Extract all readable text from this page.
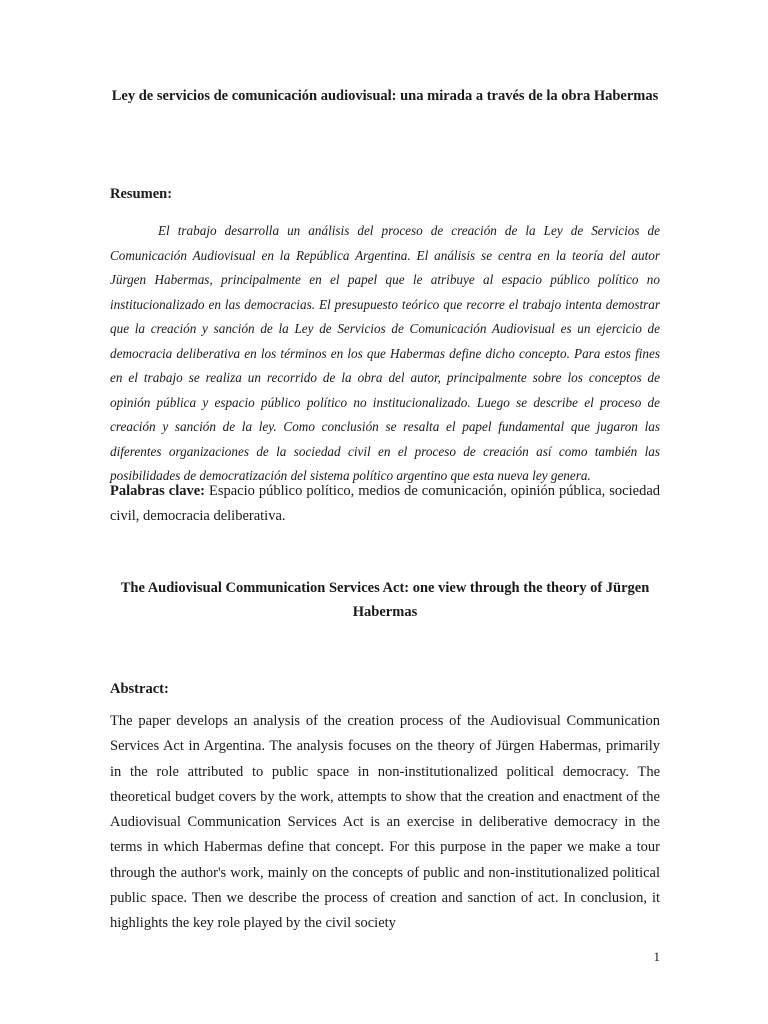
Ley de servicios de comunicación audiovisual: una mirada a través de la obra Habermas
Resumen:

El trabajo desarrolla un análisis del proceso de creación de la Ley de Servicios de Comunicación Audiovisual en la República Argentina. El análisis se centra en la teoría del autor Jürgen Habermas, principalmente en el papel que le atribuye al espacio público político no institucionalizado en las democracias. El presupuesto teórico que recorre el trabajo intenta demostrar que la creación y sanción de la Ley de Servicios de Comunicación Audiovisual es un ejercicio de democracia deliberativa en los términos en los que Habermas define dicho concepto. Para estos fines en el trabajo se realiza un recorrido de la obra del autor, principalmente sobre los conceptos de opinión pública y espacio público político no institucionalizado. Luego se describe el proceso de creación y sanción de la ley. Como conclusión se resalta el papel fundamental que jugaron las diferentes organizaciones de la sociedad civil en el proceso de creación así como también las posibilidades de democratización del sistema político argentino que esta nueva ley genera.

Palabras clave: Espacio público político, medios de comunicación, opinión pública, sociedad civil, democracia deliberativa.

The Audiovisual Communication Services Act: one view through the theory of Jürgen Habermas
Abstract:

The paper develops an analysis of the creation process of the Audiovisual Communication Services Act in Argentina. The analysis focuses on the theory of Jürgen Habermas, primarily in the role attributed to public space in non-institutionalized political democracy. The theoretical budget covers by the work, attempts to show that the creation and enactment of the Audiovisual Communication Services Act is an exercise in deliberative democracy in the terms in which Habermas define that concept. For this purpose in the paper we make a tour through the author's work, mainly on the concepts of public and non-institutionalized political public space. Then we describe the process of creation and sanction of act. In conclusion, it highlights the key role played by the civil society

1
